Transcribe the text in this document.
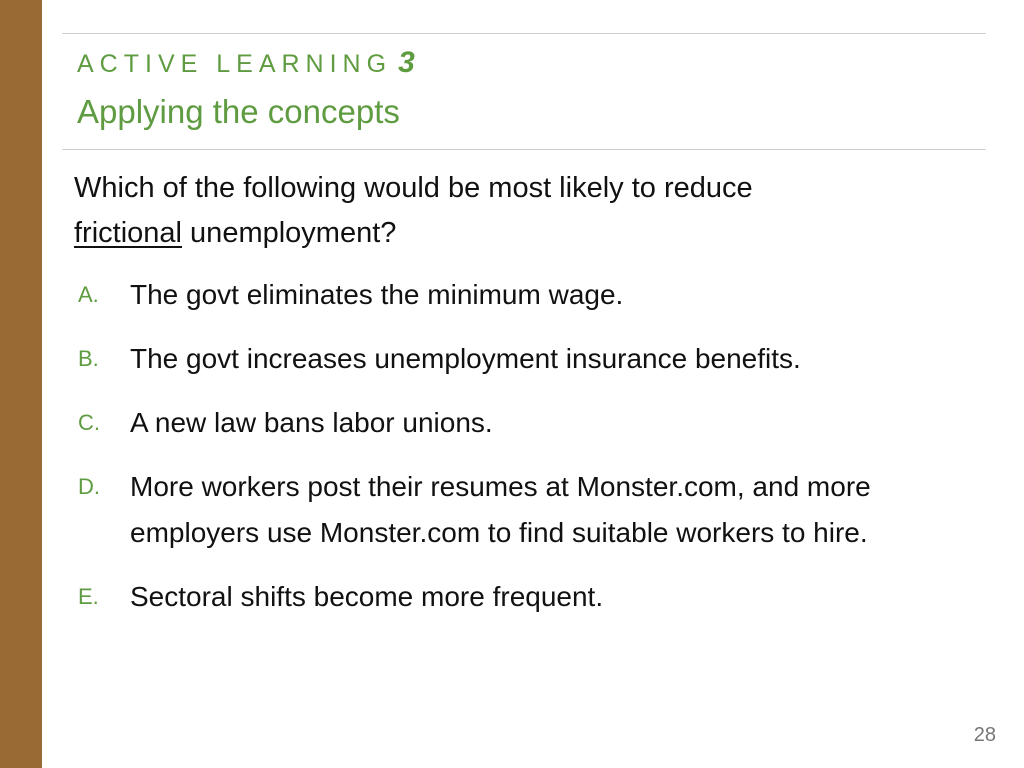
ACTIVE LEARNING 3
Applying the concepts
Which of the following would be most likely to reduce
frictional unemployment?
A.	The govt eliminates the minimum wage.
B.	The govt increases unemployment insurance benefits.
C.	A new law bans labor unions.
D.	More workers post their resumes at Monster.com, and more employers use Monster.com to find suitable workers to hire.
E.	Sectoral shifts become more frequent.
28
